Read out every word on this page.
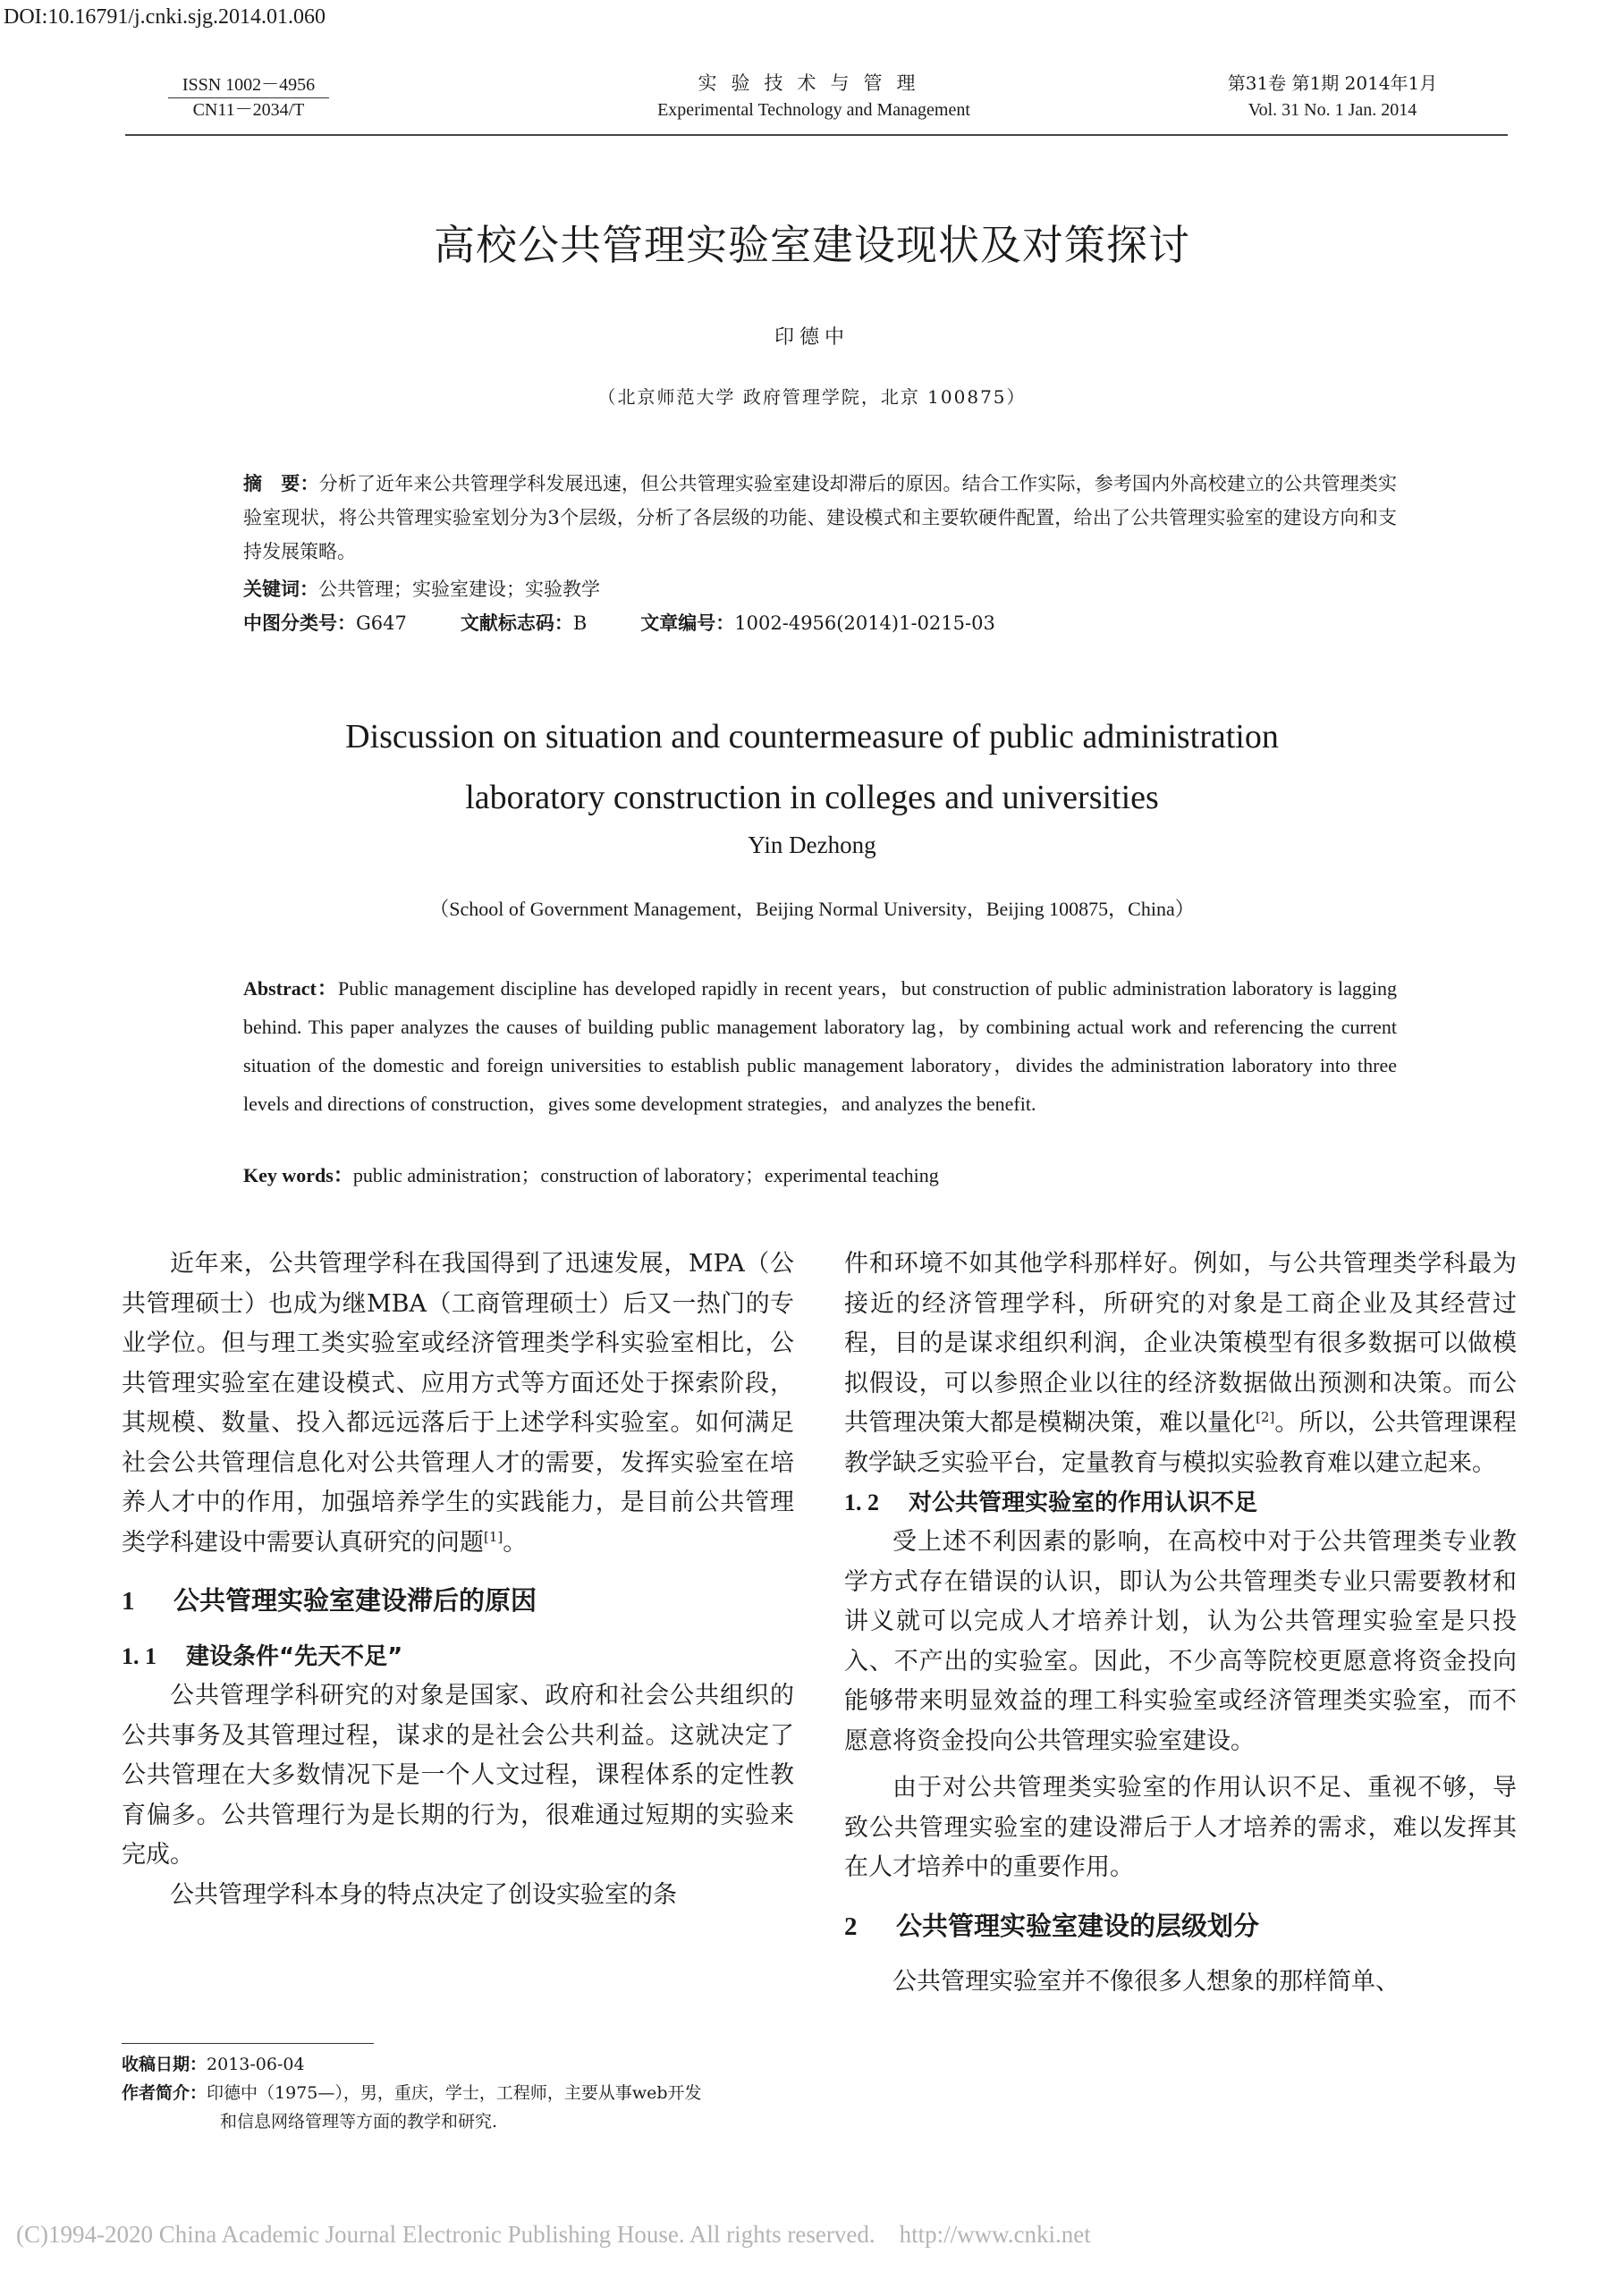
DOI:10.16791/j.cnki.sjg.2014.01.060
ISSN 1002－4956
CN11－2034/T
实验技术与管理
Experimental Technology and Management
第31卷 第1期 2014年1月
Vol. 31 No. 1 Jan. 2014
高校公共管理实验室建设现状及对策探讨
印德中
（北京师范大学 政府管理学院，北京 100875）
摘　要：分析了近年来公共管理学科发展迅速，但公共管理实验室建设却滞后的原因。结合工作实际，参考国内外高校建立的公共管理类实验室现状，将公共管理实验室划分为3个层级，分析了各层级的功能、建设模式和主要软硬件配置，给出了公共管理实验室的建设方向和支持发展策略。
关键词：公共管理；实验室建设；实验教学
中图分类号：G647	文献标志码：B	文章编号：1002-4956(2014)1-0215-03
Discussion on situation and countermeasure of public administration
laboratory construction in colleges and universities
Yin Dezhong
（School of Government Management，Beijing Normal University，Beijing 100875，China）
Abstract：Public management discipline has developed rapidly in recent years，but construction of public administration laboratory is lagging behind. This paper analyzes the causes of building public management laboratory lag，by combining actual work and referencing the current situation of the domestic and foreign universities to establish public management laboratory，divides the administration laboratory into three levels and directions of construction，gives some development strategies，and analyzes the benefit.
Key words：public administration；construction of laboratory；experimental teaching

近年来，公共管理学科在我国得到了迅速发展，MPA（公共管理硕士）也成为继MBA（工商管理硕士）后又一热门的专业学位。但与理工类实验室或经济管理类学科实验室相比，公共管理实验室在建设模式、应用方式等方面还处于探索阶段，其规模、数量、投入都远远落后于上述学科实验室。如何满足社会公共管理信息化对公共管理人才的需要，发挥实验室在培养人才中的作用，加强培养学生的实践能力，是目前公共管理类学科建设中需要认真研究的问题[1]。

1 公共管理实验室建设滞后的原因
1. 1 建设条件“先天不足”

公共管理学科研究的对象是国家、政府和社会公共组织的公共事务及其管理过程，谋求的是社会公共利益。这就决定了公共管理在大多数情况下是一个人文过程，课程体系的定性教育偏多。公共管理行为是长期的行为，很难通过短期的实验来完成。

公共管理学科本身的特点决定了创设实验室的条

件和环境不如其他学科那样好。例如，与公共管理类学科最为接近的经济管理学科，所研究的对象是工商企业及其经营过程，目的是谋求组织利润，企业决策模型有很多数据可以做模拟假设，可以参照企业以往的经济数据做出预测和决策。而公共管理决策大都是模糊决策，难以量化[2]。所以，公共管理课程教学缺乏实验平台，定量教育与模拟实验教育难以建立起来。

1. 2 对公共管理实验室的作用认识不足

受上述不利因素的影响，在高校中对于公共管理类专业教学方式存在错误的认识，即认为公共管理类专业只需要教材和讲义就可以完成人才培养计划，认为公共管理实验室是只投入、不产出的实验室。因此，不少高等院校更愿意将资金投向能够带来明显效益的理工科实验室或经济管理类实验室，而不愿意将资金投向公共管理实验室建设。

由于对公共管理类实验室的作用认识不足、重视不够，导致公共管理实验室的建设滞后于人才培养的需求，难以发挥其在人才培养中的重要作用。

2 公共管理实验室建设的层级划分

公共管理实验室并不像很多人想象的那样简单、

收稿日期：2013-06-04
作者简介：印德中（1975—），男，重庆，学士，工程师，主要从事web开发
和信息网络管理等方面的教学和研究.
(C)1994-2020 China Academic Journal Electronic Publishing House. All rights reserved.    http://www.cnki.net
